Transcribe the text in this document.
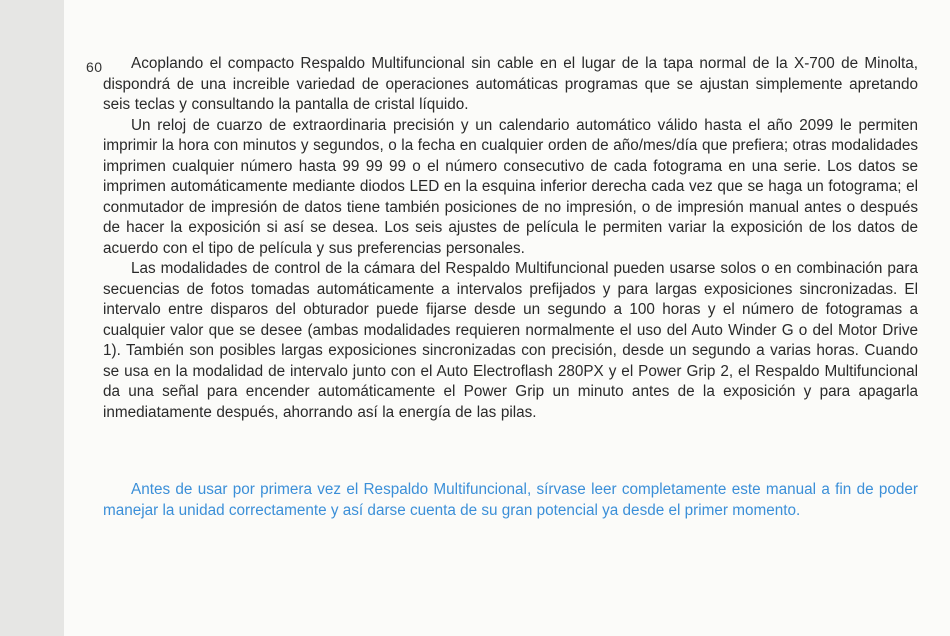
60	Acoplando el compacto Respaldo Multifuncional sin cable en el lugar de la tapa normal de la X-700 de Minolta, dispondrá de una increible variedad de operaciones automáticas programas que se ajustan simplemente apretando seis teclas y consultando la pantalla de cristal líquido.

Un reloj de cuarzo de extraordinaria precisión y un calendario automático válido hasta el año 2099 le permiten imprimir la hora con minutos y segundos, o la fecha en cualquier orden de año/mes/día que prefiera; otras modalidades imprimen cualquier número hasta 99 99 99 o el número consecutivo de cada fotograma en una serie. Los datos se imprimen automáticamente mediante diodos LED en la esquina inferior derecha cada vez que se haga un fotograma; el conmutador de impresión de datos tiene también posiciones de no impresión, o de impresión manual antes o después de hacer la exposición si así se desea. Los seis ajustes de película le permiten variar la exposición de los datos de acuerdo con el tipo de película y sus preferencias personales.

Las modalidades de control de la cámara del Respaldo Multifuncional pueden usarse solos o en combinación para secuencias de fotos tomadas automáticamente a intervalos prefijados y para largas exposiciones sincronizadas. El intervalo entre disparos del obturador puede fijarse desde un segundo a 100 horas y el número de fotogramas a cualquier valor que se desee (ambas modalidades requieren normalmente el uso del Auto Winder G o del Motor Drive 1). También son posibles largas exposiciones sincronizadas con precisión, desde un segundo a varias horas. Cuando se usa en la modalidad de intervalo junto con el Auto Electroflash 280PX y el Power Grip 2, el Respaldo Multifuncional da una señal para encender automáticamente el Power Grip un minuto antes de la exposición y para apagarla inmediatamente después, ahorrando así la energía de las pilas.

Antes de usar por primera vez el Respaldo Multifuncional, sírvase leer completamente este manual a fin de poder manejar la unidad correctamente y así darse cuenta de su gran potencial ya desde el primer momento.
